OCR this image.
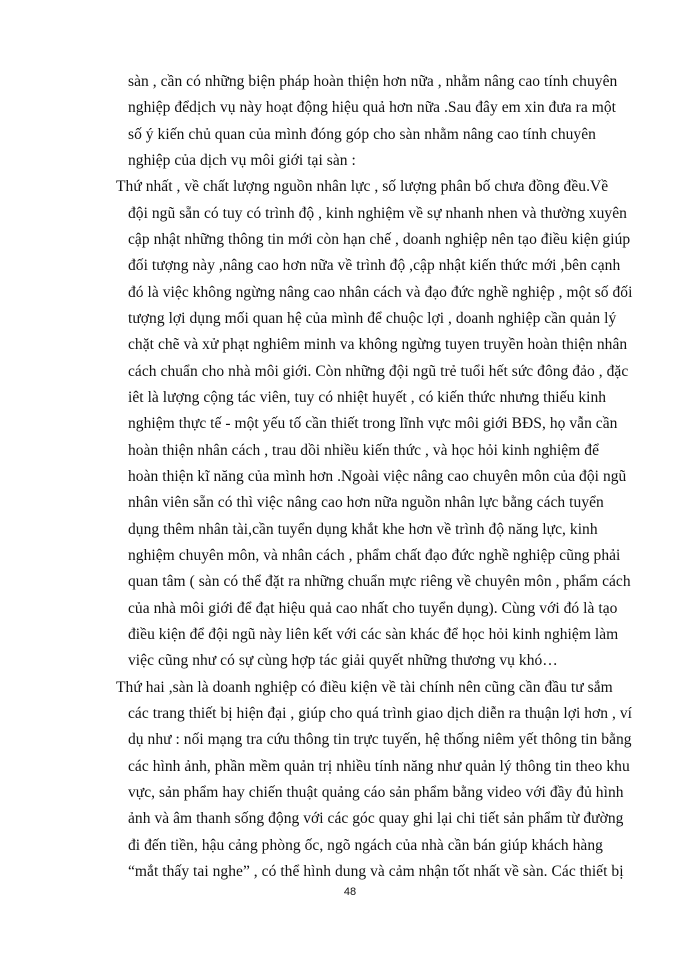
sàn , cần có những biện pháp hoàn thiện hơn nữa , nhằm nâng cao tính chuyên
nghiệp đểdịch vụ này hoạt động hiệu quả hơn nữa .Sau đây em xin đưa ra một
số ý kiến chủ quan của mình đóng góp cho sàn nhằm nâng cao tính chuyên
nghiệp của dịch vụ môi giới tại sàn :
Thứ nhất , về chất lượng nguồn nhân lực , số lượng phân bố chưa đồng đều.Về
đội ngũ sẵn có tuy có trình độ , kinh nghiệm về sự nhanh nhen và thường xuyên
cập nhật những thông tin mới còn hạn chế , doanh nghiệp nên tạo điều kiện giúp
đối tượng này ,nâng cao hơn nữa về trình độ ,cập nhật kiến thức mới ,bên cạnh
đó là việc không ngừng nâng cao nhân cách và đạo đức nghề nghiệp , một số đối
tượng lợi dụng mối quan hệ của mình để chuộc lợi , doanh nghiệp cần quản lý
chặt chẽ và xử phạt nghiêm minh va không ngừng tuyen truyền hoàn thiện nhân
cách chuẩn cho nhà môi giới. Còn những đội ngũ trẻ tuổi hết sức đông đảo , đặc
iêt là lượng cộng tác viên, tuy có nhiệt huyết , có kiến thức nhưng thiếu kinh
nghiệm thực tế - một yếu tố cần thiết trong lĩnh vực môi giới BĐS, họ vẫn cần
hoàn thiện nhân cách , trau dồi nhiều kiến thức , và học hỏi kinh nghiệm để
hoàn thiện kĩ năng của mình hơn .Ngoài việc nâng cao chuyên môn của đội ngũ
nhân viên sẵn có thì việc nâng cao hơn nữa nguồn nhân lực bằng cách tuyển
dụng thêm nhân tài,cần tuyển dụng khắt khe hơn về trình độ năng lực, kinh
nghiệm chuyên môn, và nhân cách , phẩm chất đạo đức nghề nghiệp cũng phải
quan tâm ( sàn có thể đặt ra những chuẩn mực riêng về chuyên môn , phẩm cách
của nhà môi giới để đạt hiệu quả cao nhất cho tuyển dụng). Cùng với đó là tạo
điều kiện để đội ngũ này liên kết với các sàn khác để học hỏi kinh nghiệm làm
việc cũng như có sự cùng hợp tác giải quyết những thương vụ khó…
Thứ hai ,sàn là doanh nghiệp có điều kiện về tài chính nên cũng cần đầu tư sắm
các trang thiết bị hiện đại , giúp cho quá trình giao dịch diễn ra thuận lợi hơn , ví
dụ như : nối mạng tra cứu thông tin trực tuyến, hệ thống niêm yết thông tin bằng
các hình ảnh, phần mềm quản trị nhiều tính năng như quản lý thông tin theo khu
vực, sản phẩm hay chiến thuật quảng cáo sản phẩm bằng video với đầy đủ hình
ảnh và âm thanh sống động với các góc quay ghi lại chi tiết sản phẩm từ đường
đi đến tiền, hậu cảng phòng ốc, ngõ ngách của nhà cần bán giúp khách hàng
“mắt thấy tai nghe” , có thể hình dung và cảm nhận tốt nhất về sàn. Các thiết bị
48
